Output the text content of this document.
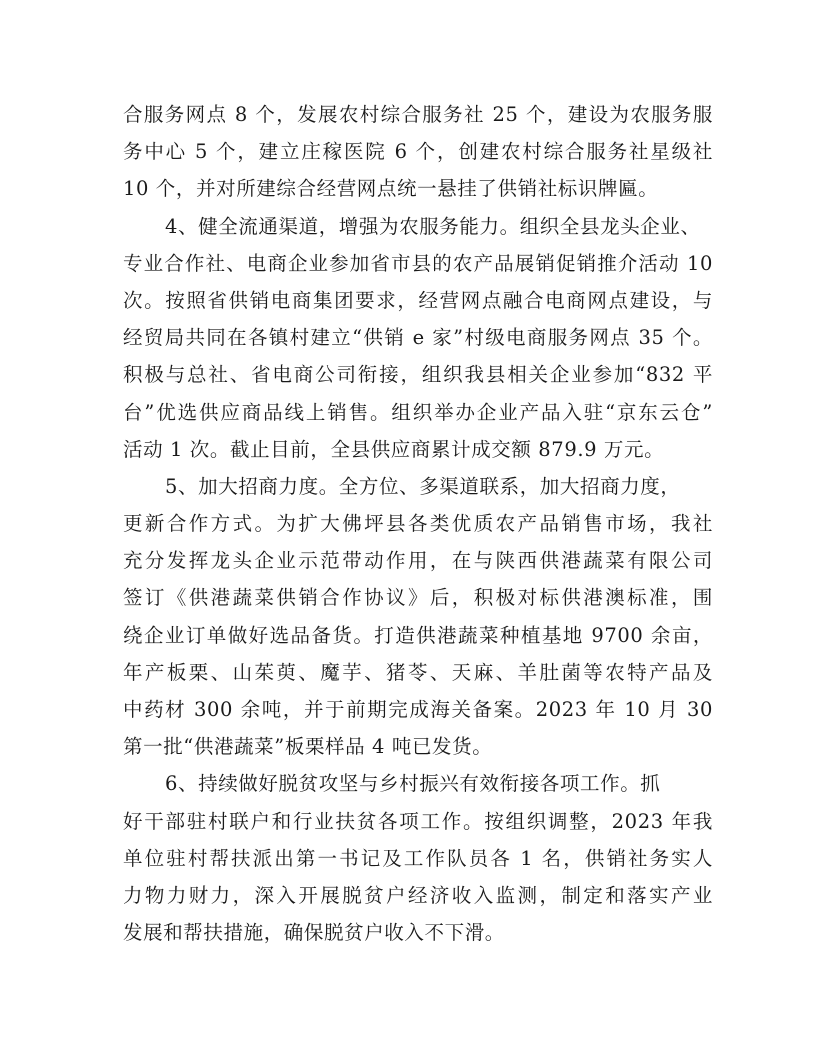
合服务网点 8 个，发展农村综合服务社 25 个，建设为农服务服
务中心 5 个，建立庄稼医院 6 个，创建农村综合服务社星级社
10 个，并对所建综合经营网点统一悬挂了供销社标识牌匾。
4、健全流通渠道，增强为农服务能力。组织全县龙头企业、
专业合作社、电商企业参加省市县的农产品展销促销推介活动 10
次。按照省供销电商集团要求，经营网点融合电商网点建设，与
经贸局共同在各镇村建立“供销 e 家”村级电商服务网点 35 个。
积极与总社、省电商公司衔接，组织我县相关企业参加“832 平
台”优选供应商品线上销售。组织举办企业产品入驻“京东云仓”
活动 1 次。截止目前，全县供应商累计成交额 879.9 万元。
5、加大招商力度。全方位、多渠道联系，加大招商力度，
更新合作方式。为扩大佛坪县各类优质农产品销售市场，我社
充分发挥龙头企业示范带动作用，在与陕西供港蔬菜有限公司
签订《供港蔬菜供销合作协议》后，积极对标供港澳标准，围
绕企业订单做好选品备货。打造供港蔬菜种植基地 9700 余亩，
年产板栗、山茱萸、魔芋、猪苓、天麻、羊肚菌等农特产品及
中药材 300 余吨，并于前期完成海关备案。2023 年 10 月 30
第一批“供港蔬菜”板栗样品 4 吨已发货。
6、持续做好脱贫攻坚与乡村振兴有效衔接各项工作。抓
好干部驻村联户和行业扶贫各项工作。按组织调整，2023 年我
单位驻村帮扶派出第一书记及工作队员各 1 名，供销社务实人
力物力财力，深入开展脱贫户经济收入监测，制定和落实产业
发展和帮扶措施，确保脱贫户收入不下滑。
